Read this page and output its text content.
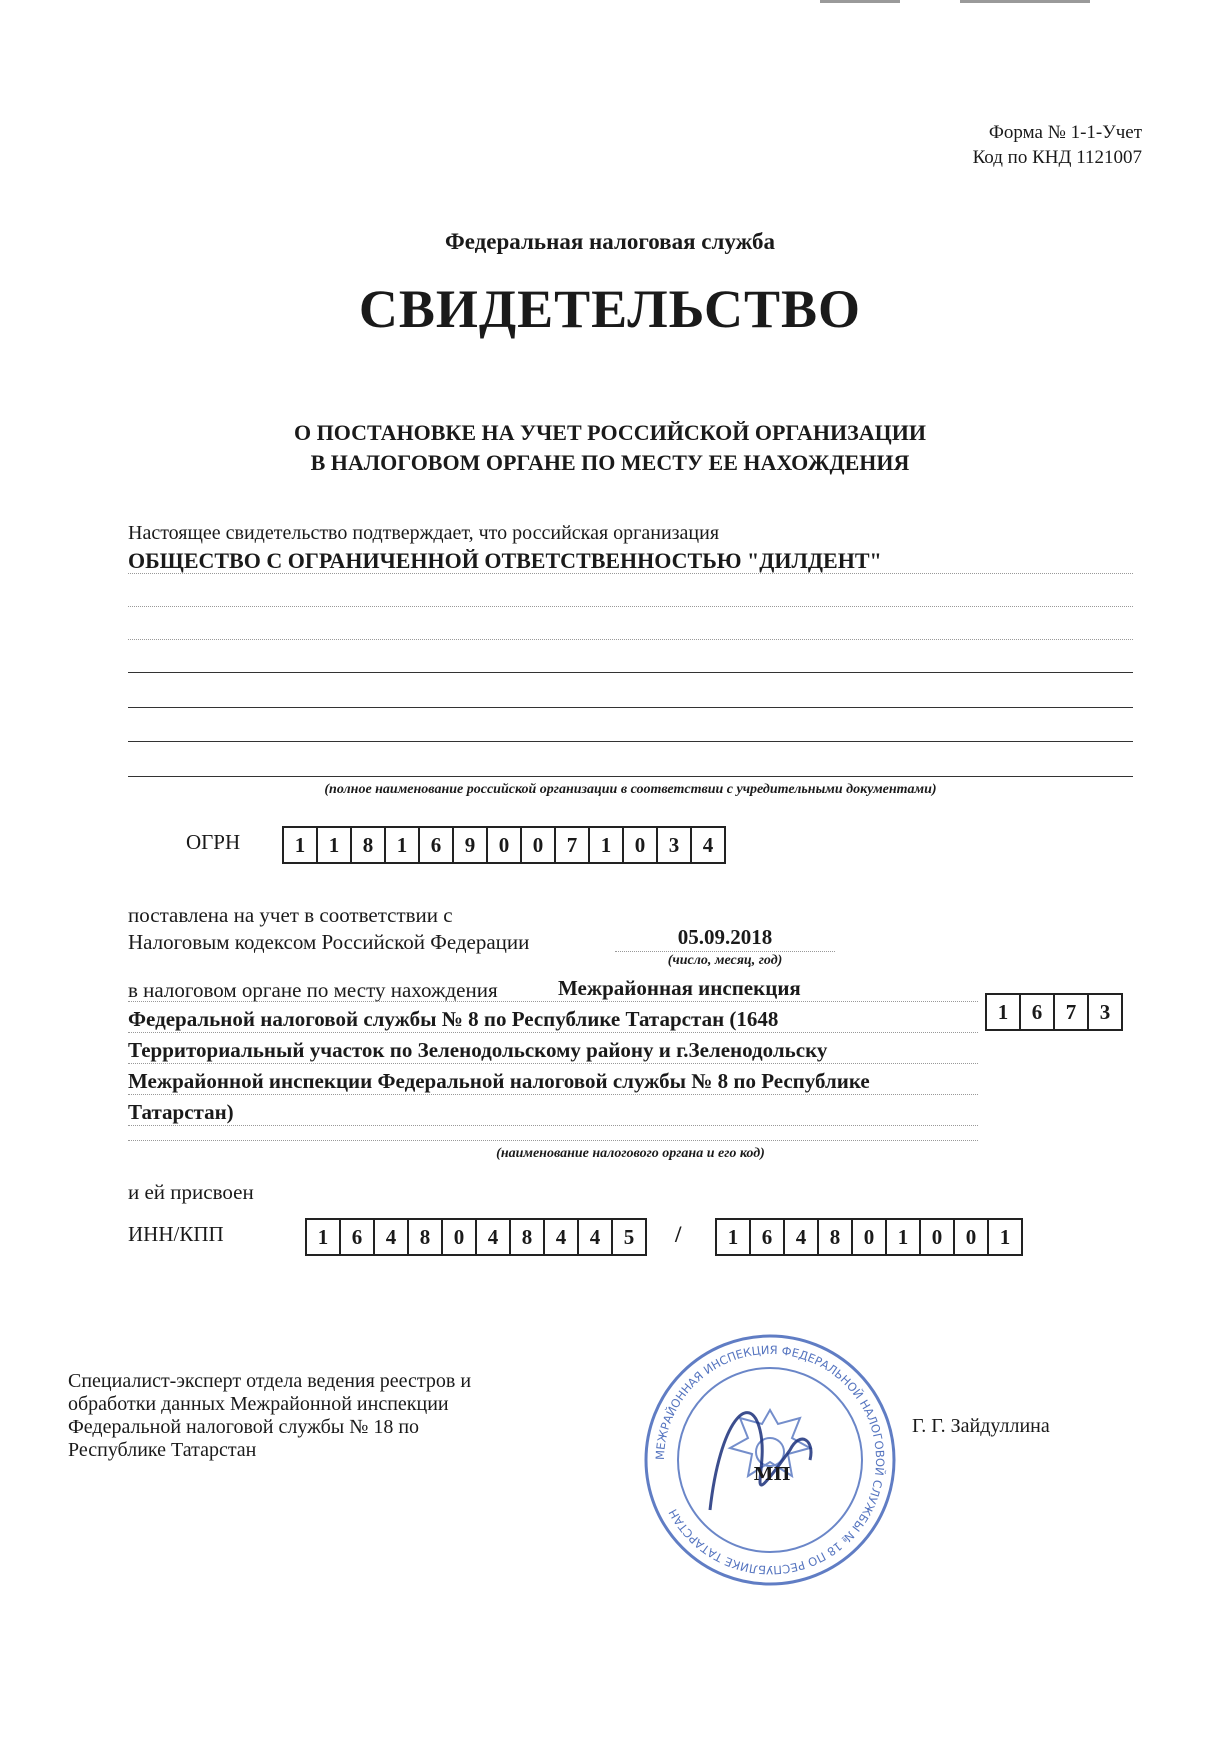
Форма № 1-1-Учет
Код по КНД 1121007
Федеральная налоговая служба
СВИДЕТЕЛЬСТВО
О ПОСТАНОВКЕ НА УЧЕТ РОССИЙСКОЙ ОРГАНИЗАЦИИ
В НАЛОГОВОМ ОРГАНЕ ПО МЕСТУ ЕЕ НАХОЖДЕНИЯ
Настоящее свидетельство подтверждает, что российская организация
ОБЩЕСТВО С ОГРАНИЧЕННОЙ ОТВЕТСТВЕННОСТЬЮ "ДИЛДЕНТ"
(полное наименование российской организации в соответствии с учредительными документами)
ОГРН	1	1	8	1	6	9	0	0	7	1	0	3	4
поставлена на учет в соответствии с
Налоговым кодексом Российской Федерации	05.09.2018
(число, месяц, год)
в налоговом органе по месту нахождения	Межрайонная инспекция
Федеральной налоговой службы № 8 по Республике Татарстан (1648
Территориальный участок по Зеленодольскому району и г.Зеленодольску
Межрайонной инспекции Федеральной налоговой службы № 8 по Республике
Татарстан)
1	6	7	3
(наименование налогового органа и его код)
и ей присвоен
ИНН/КПП	1	6	4	8	0	4	8	4	4	5	/	1	6	4	8	0	1	0	0	1
Специалист-эксперт отдела ведения реестров и
обработки данных Межрайонной инспекции
Федеральной налоговой службы № 18 по
Республике Татарстан	МЕЖРАЙОННАЯ ИНСПЕКЦИЯ ФЕДЕРАЛЬНОЙ НАЛОГОВОЙ СЛУЖБЫ № 18 ПО РЕСПУБЛИКЕ ТАТАРСТАН
МП
Г. Г. Зайдуллина
